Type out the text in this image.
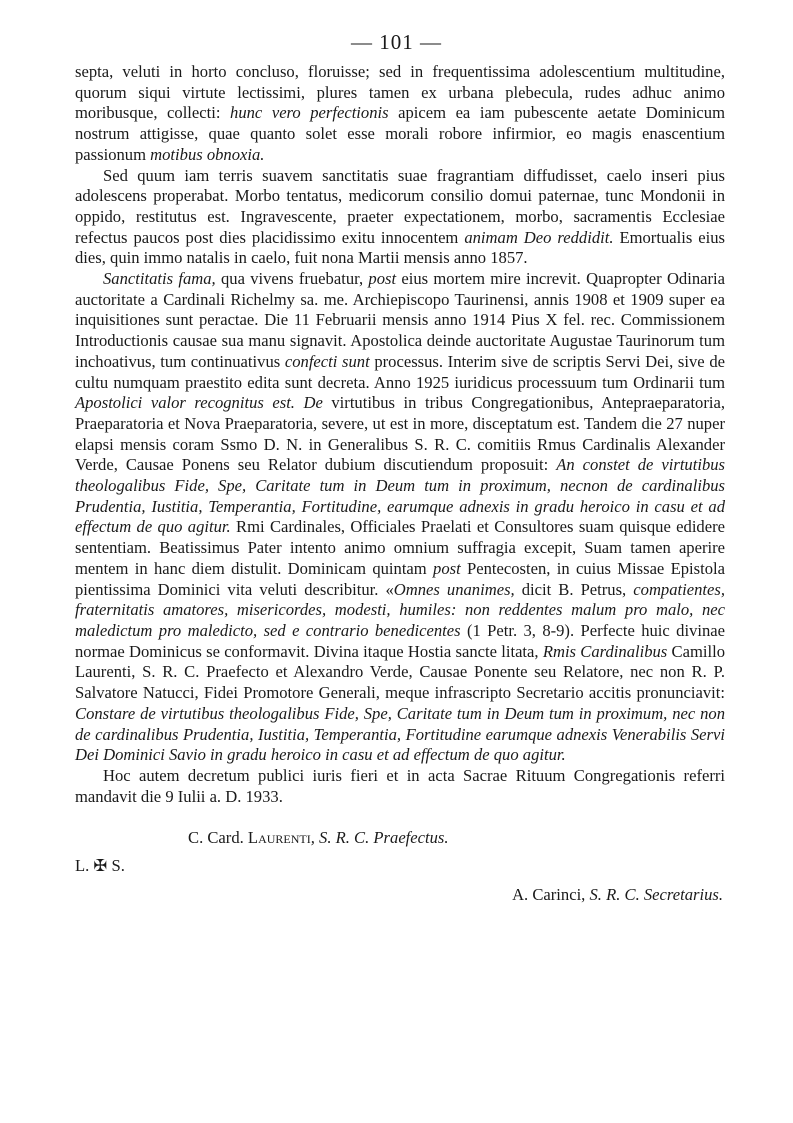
— 101 —

septa, veluti in horto concluso, floruisse; sed in frequentissima adolescentium multitudine, quorum siqui virtute lectissimi, plures tamen ex urbana plebecula, rudes adhuc animo moribusque, collecti: hunc vero perfectionis apicem ea iam pubescente aetate Dominicum nostrum attigisse, quae quanto solet esse morali robore infirmior, eo magis enascentium passionum motibus obnoxia.

Sed quum iam terris suavem sanctitatis suae fragrantiam diffudisset, caelo inseri pius adolescens properabat. Morbo tentatus, medicorum consilio domui paternae, tunc Mondonii in oppido, restitutus est. Ingravescente, praeter expectationem, morbo, sacramentis Ecclesiae refectus paucos post dies placidissimo exitu innocentem animam Deo reddidit. Emortualis eius dies, quin immo natalis in caelo, fuit nona Martii mensis anno 1857.

Sanctitatis fama, qua vivens fruebatur, post eius mortem mire increvit. Quapropter Odinaria auctoritate a Cardinali Richelmy sa. me. Archiepiscopo Taurinensi, annis 1908 et 1909 super ea inquisitiones sunt peractae. Die 11 Februarii mensis anno 1914 Pius X fel. rec. Commissionem Introductionis causae sua manu signavit. Apostolica deinde auctoritate Augustae Taurinorum tum inchoativus, tum continuativus confecti sunt processus. Interim sive de scriptis Servi Dei, sive de cultu numquam praestito edita sunt decreta. Anno 1925 iuridicus processuum tum Ordinarii tum Apostolici valor recognitus est. De virtutibus in tribus Congregationibus, Antepraeparatoria, Praeparatoria et Nova Praeparatoria, severe, ut est in more, disceptatum est. Tandem die 27 nuper elapsi mensis coram Ssmo D. N. in Generalibus S. R. C. comitiis Rmus Cardinalis Alexander Verde, Causae Ponens seu Relator dubium discutiendum proposuit: An constet de virtutibus theologalibus Fide, Spe, Caritate tum in Deum tum in proximum, necnon de cardinalibus Prudentia, Iustitia, Temperantia, Fortitudine, earumque adnexis in gradu heroico in casu et ad effectum de quo agitur. Rmi Cardinales, Officiales Praelati et Consultores suam quisque edidere sententiam. Beatissimus Pater intento animo omnium suffragia excepit, Suam tamen aperire mentem in hanc diem distulit. Dominicam quintam post Pentecosten, in cuius Missae Epistola pientissima Dominici vita veluti describitur. «Omnes unanimes, dicit B. Petrus, compatientes, fraternitatis amatores, misericordes, modesti, humiles: non reddentes malum pro malo, nec maledictum pro maledicto, sed e contrario benedicentes (1 Petr. 3, 8-9). Perfecte huic divinae normae Dominicus se conformavit. Divina itaque Hostia sancte litata, Rmis Cardinalibus Camillo Laurenti, S. R. C. Praefecto et Alexandro Verde, Causae Ponente seu Relatore, nec non R. P. Salvatore Natucci, Fidei Promotore Generali, meque infrascripto Secretario accitis pronunciavit: Constare de virtutibus theologalibus Fide, Spe, Caritate tum in Deum tum in proximum, nec non de cardinalibus Prudentia, Iustitia, Temperantia, Fortitudine earumque adnexis Venerabilis Servi Dei Dominici Savio in gradu heroico in casu et ad effectum de quo agitur.

Hoc autem decretum publici iuris fieri et in acta Sacrae Rituum Congregationis referri mandavit die 9 Iulii a. D. 1933.

C. Card. Laurenti, S. R. C. Praefectus.
L. ✠ S.
A. Carinci, S. R. C. Secretarius.
